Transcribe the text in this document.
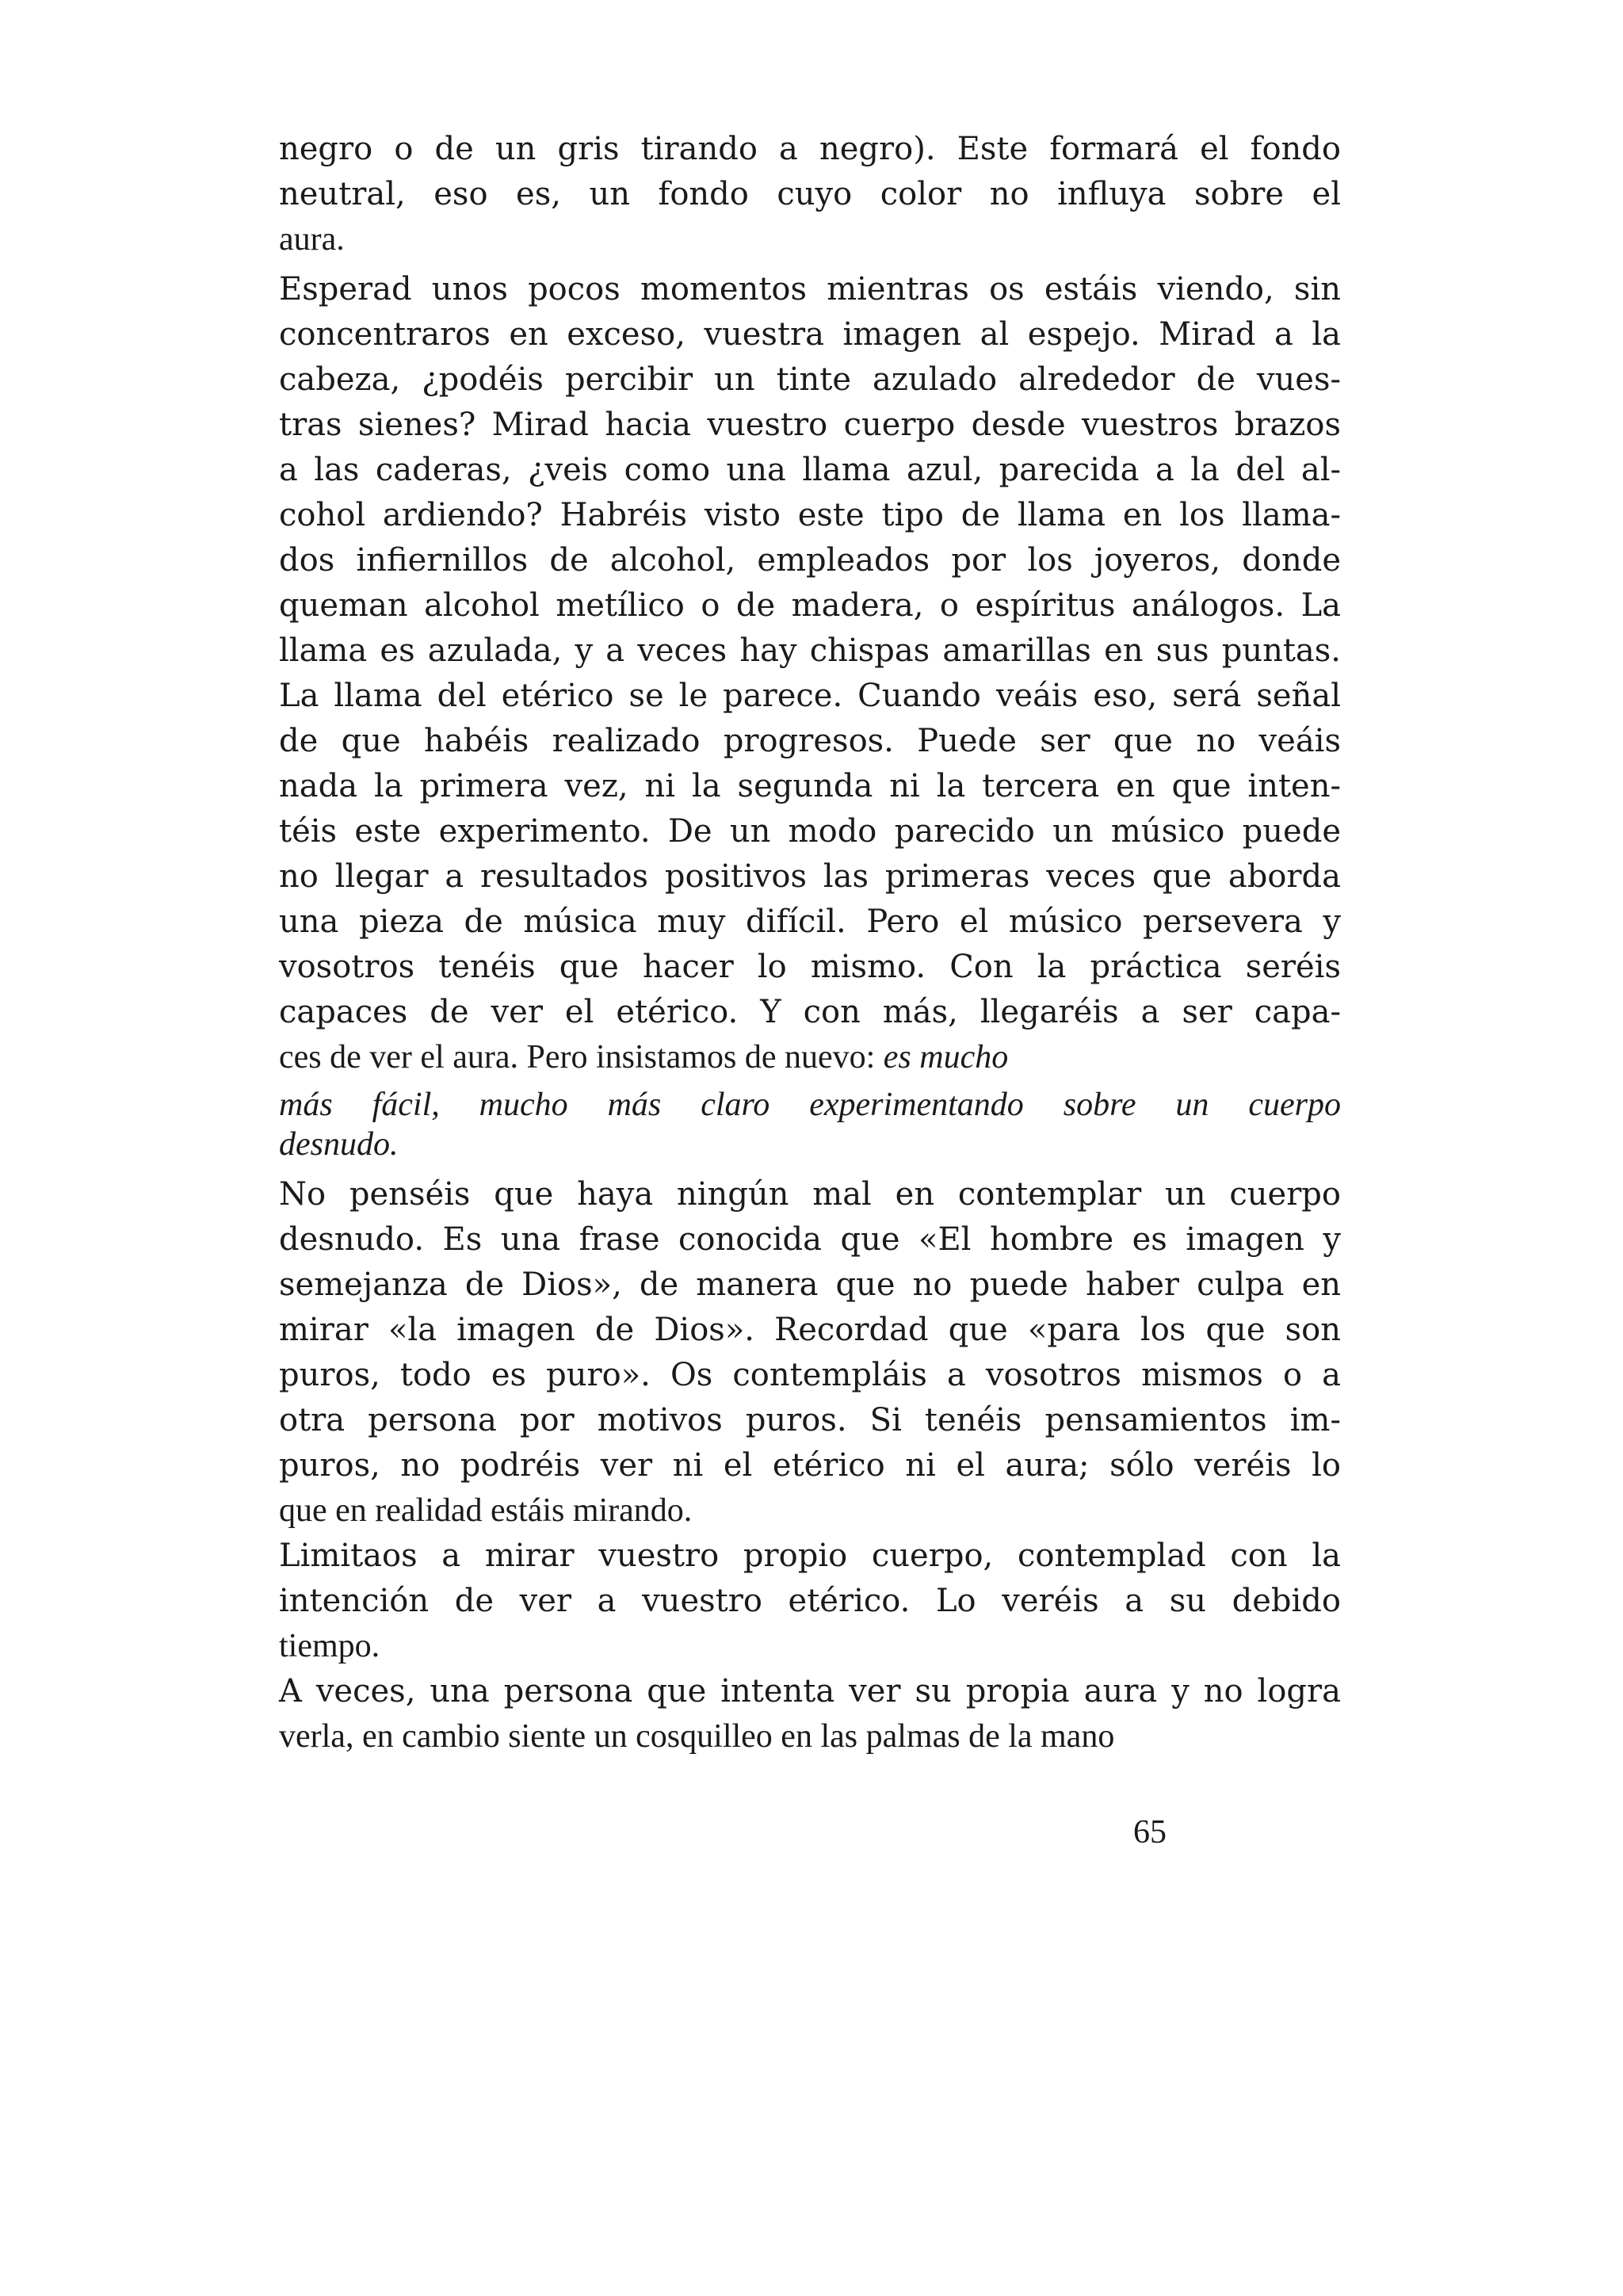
negro o de un gris tirando a negro). Este formará el fondo
neutral, eso es, un fondo cuyo color no influya sobre el
aura.
Esperad unos pocos momentos mientras os estáis viendo, sin
concentraros en exceso, vuestra imagen al espejo. Mirad a la
cabeza, ¿podéis percibir un tinte azulado alrededor de vues-
tras sienes? Mirad hacia vuestro cuerpo desde vuestros brazos
a las caderas, ¿veis como una llama azul, parecida a la del al-
cohol ardiendo? Habréis visto este tipo de llama en los llama-
dos infiernillos de alcohol, empleados por los joyeros, donde
queman alcohol metílico o de madera, o espíritus análogos. La
llama es azulada, y a veces hay chispas amarillas en sus puntas.
La llama del etérico se le parece. Cuando veáis eso, será señal
de que habéis realizado progresos. Puede ser que no veáis
nada la primera vez, ni la segunda ni la tercera en que inten-
téis este experimento. De un modo parecido un músico puede
no llegar a resultados positivos las primeras veces que aborda
una pieza de música muy difícil. Pero el músico persevera y
vosotros tenéis que hacer lo mismo. Con la práctica seréis
capaces de ver el etérico. Y con más, llegaréis a ser capa-
ces de ver el aura. Pero insistamos de nuevo: es mucho
más fácil, mucho más claro experimentando sobre un cuerpo
desnudo.
No penséis que haya ningún mal en contemplar un cuerpo
desnudo. Es una frase conocida que «El hombre es imagen y
semejanza de Dios», de manera que no puede haber culpa en
mirar «la imagen de Dios». Recordad que «para los que son
puros, todo es puro». Os contempláis a vosotros mismos o a
otra persona por motivos puros. Si tenéis pensamientos im-
puros, no podréis ver ni el etérico ni el aura; sólo veréis lo
que en realidad estáis mirando.
Limitaos a mirar vuestro propio cuerpo, contemplad con la
intención de ver a vuestro etérico. Lo veréis a su debido
tiempo.
A veces, una persona que intenta ver su propia aura y no logra
verla, en cambio siente un cosquilleo en las palmas de la mano
65
